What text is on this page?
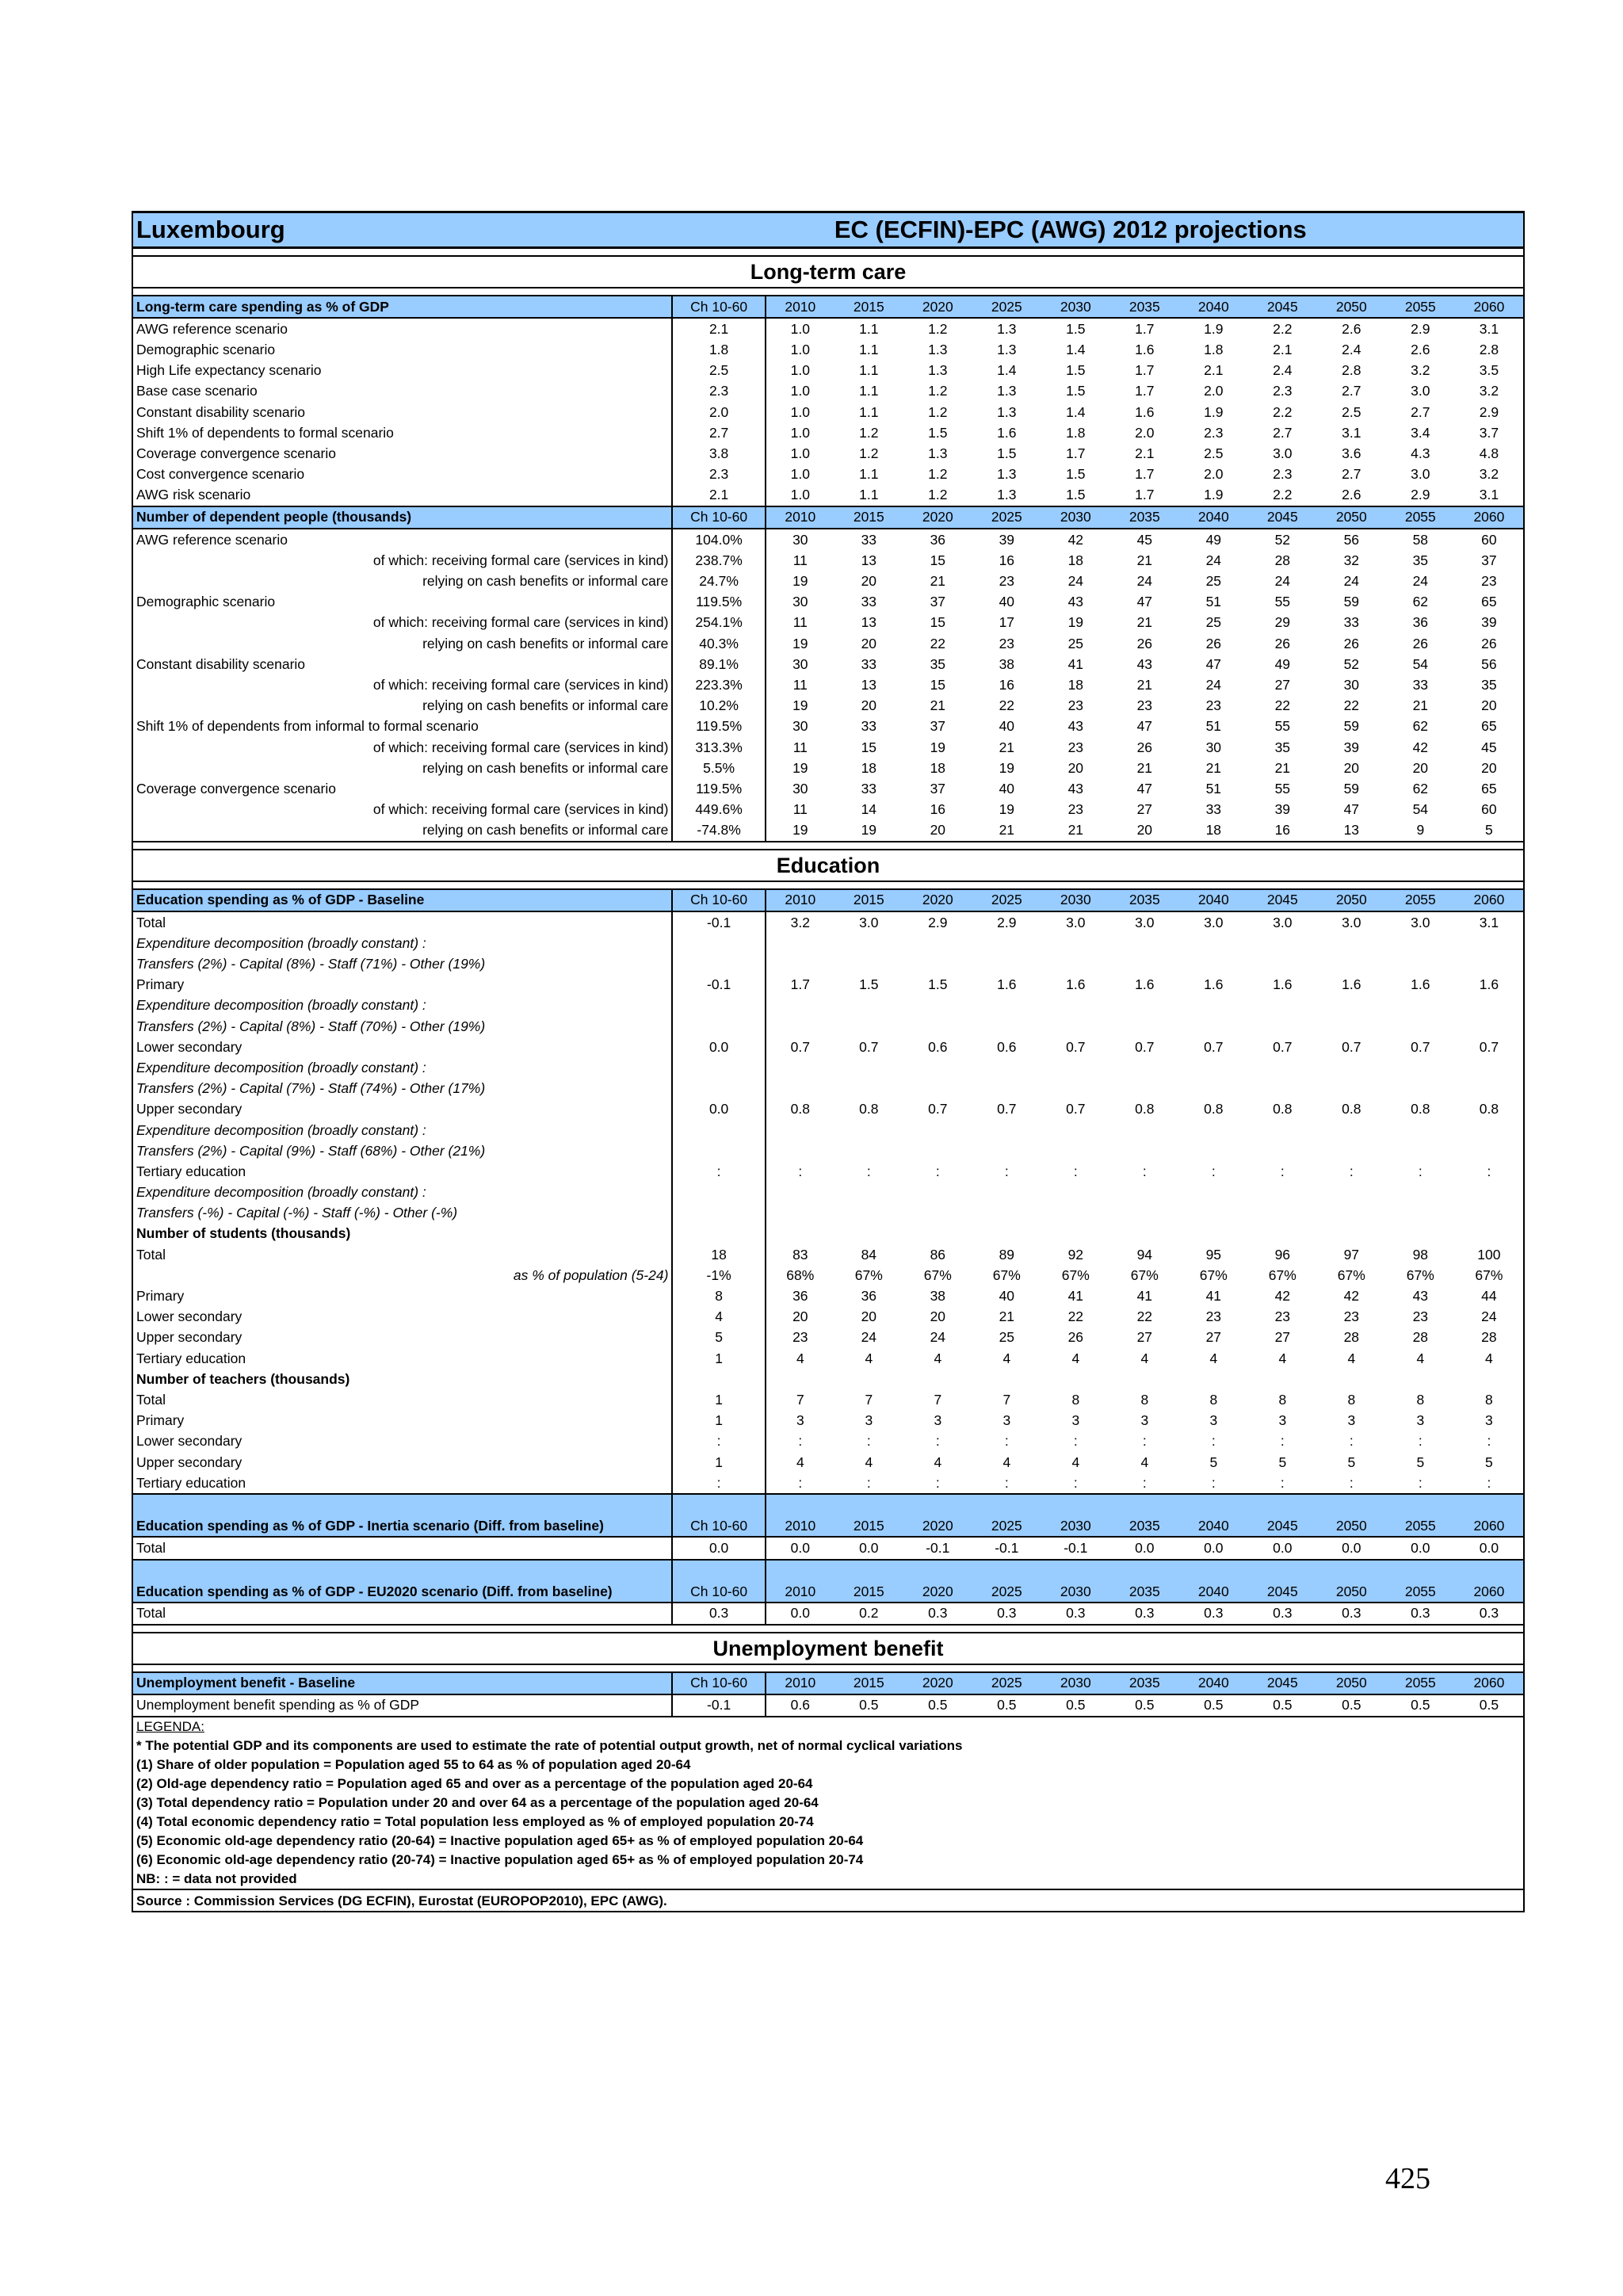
Luxembourg			EC (ECFIN)-EPC (AWG) 2012 projections									

Long-term care												

Long-term care spending as % of GDP	Ch 10-60	2010	2015	2020	2025	2030	2035	2040	2045	2050	2055	2060
AWG reference scenario	2.1	1.0	1.1	1.2	1.3	1.5	1.7	1.9	2.2	2.6	2.9	3.1
Demographic scenario	1.8	1.0	1.1	1.3	1.3	1.4	1.6	1.8	2.1	2.4	2.6	2.8
High Life expectancy scenario	2.5	1.0	1.1	1.3	1.4	1.5	1.7	2.1	2.4	2.8	3.2	3.5
Base case scenario	2.3	1.0	1.1	1.2	1.3	1.5	1.7	2.0	2.3	2.7	3.0	3.2
Constant disability scenario	2.0	1.0	1.1	1.2	1.3	1.4	1.6	1.9	2.2	2.5	2.7	2.9
Shift 1% of dependents to formal scenario	2.7	1.0	1.2	1.5	1.6	1.8	2.0	2.3	2.7	3.1	3.4	3.7
Coverage convergence scenario	3.8	1.0	1.2	1.3	1.5	1.7	2.1	2.5	3.0	3.6	4.3	4.8
Cost convergence scenario	2.3	1.0	1.1	1.2	1.3	1.5	1.7	2.0	2.3	2.7	3.0	3.2
AWG risk scenario	2.1	1.0	1.1	1.2	1.3	1.5	1.7	1.9	2.2	2.6	2.9	3.1
Number of dependent people (thousands)	Ch 10-60	2010	2015	2020	2025	2030	2035	2040	2045	2050	2055	2060
AWG reference scenario	104.0%	30	33	36	39	42	45	49	52	56	58	60
of which: receiving formal care (services in kind)	238.7%	11	13	15	16	18	21	24	28	32	35	37
relying on cash benefits or informal care	24.7%	19	20	21	23	24	24	25	24	24	24	23
Demographic scenario	119.5%	30	33	37	40	43	47	51	55	59	62	65
of which: receiving formal care (services in kind)	254.1%	11	13	15	17	19	21	25	29	33	36	39
relying on cash benefits or informal care	40.3%	19	20	22	23	25	26	26	26	26	26	26
Constant disability scenario	89.1%	30	33	35	38	41	43	47	49	52	54	56
of which: receiving formal care (services in kind)	223.3%	11	13	15	16	18	21	24	27	30	33	35
relying on cash benefits or informal care	10.2%	19	20	21	22	23	23	23	22	22	21	20
Shift 1% of dependents from informal to formal scenario	119.5%	30	33	37	40	43	47	51	55	59	62	65
of which: receiving formal care (services in kind)	313.3%	11	15	19	21	23	26	30	35	39	42	45
relying on cash benefits or informal care	5.5%	19	18	18	19	20	21	21	21	20	20	20
Coverage convergence scenario	119.5%	30	33	37	40	43	47	51	55	59	62	65
of which: receiving formal care (services in kind)	449.6%	11	14	16	19	23	27	33	39	47	54	60
relying on cash benefits or informal care	-74.8%	19	19	20	21	21	20	18	16	13	9	5

Education												

Education spending as % of GDP - Baseline	Ch 10-60	2010	2015	2020	2025	2030	2035	2040	2045	2050	2055	2060
Total	-0.1	3.2	3.0	2.9	2.9	3.0	3.0	3.0	3.0	3.0	3.0	3.1
Expenditure decomposition (broadly constant) :												
Transfers (2%) - Capital (8%) - Staff (71%) - Other (19%)												
Primary	-0.1	1.7	1.5	1.5	1.6	1.6	1.6	1.6	1.6	1.6	1.6	1.6
Expenditure decomposition (broadly constant) :												
Transfers (2%) - Capital (8%) - Staff (70%) - Other (19%)												
Lower secondary	0.0	0.7	0.7	0.6	0.6	0.7	0.7	0.7	0.7	0.7	0.7	0.7
Expenditure decomposition (broadly constant) :												
Transfers (2%) - Capital (7%) - Staff (74%) - Other (17%)												
Upper secondary	0.0	0.8	0.8	0.7	0.7	0.7	0.8	0.8	0.8	0.8	0.8	0.8
Expenditure decomposition (broadly constant) :												
Transfers (2%) - Capital (9%) - Staff (68%) - Other (21%)												
Tertiary education	:	:	:	:	:	:	:	:	:	:	:	:
Expenditure decomposition (broadly constant) :												
Transfers (-%) - Capital (-%) - Staff (-%) - Other (-%)												
Number of students (thousands)												
Total	18	83	84	86	89	92	94	95	96	97	98	100
as % of population (5-24)	-1%	68%	67%	67%	67%	67%	67%	67%	67%	67%	67%	67%
Primary	8	36	36	38	40	41	41	41	42	42	43	44
Lower secondary	4	20	20	20	21	22	22	23	23	23	23	24
Upper secondary	5	23	24	24	25	26	27	27	27	28	28	28
Tertiary education	1	4	4	4	4	4	4	4	4	4	4	4
Number of teachers (thousands)												
Total	1	7	7	7	7	8	8	8	8	8	8	8
Primary	1	3	3	3	3	3	3	3	3	3	3	3
Lower secondary	:	:	:	:	:	:	:	:	:	:	:	:
Upper secondary	1	4	4	4	4	4	4	5	5	5	5	5
Tertiary education	:	:	:	:	:	:	:	:	:	:	:	:
Education spending as % of GDP - Inertia scenario (Diff. from baseline)	Ch 10-60	2010	2015	2020	2025	2030	2035	2040	2045	2050	2055	2060
Total	0.0	0.0	0.0	-0.1	-0.1	-0.1	0.0	0.0	0.0	0.0	0.0	0.0
Education spending as % of GDP - EU2020 scenario (Diff. from baseline)	Ch 10-60	2010	2015	2020	2025	2030	2035	2040	2045	2050	2055	2060
Total	0.3	0.0	0.2	0.3	0.3	0.3	0.3	0.3	0.3	0.3	0.3	0.3

Unemployment benefit												

Unemployment benefit - Baseline	Ch 10-60	2010	2015	2020	2025	2030	2035	2040	2045	2050	2055	2060
Unemployment benefit spending as % of GDP	-0.1	0.6	0.5	0.5	0.5	0.5	0.5	0.5	0.5	0.5	0.5	0.5
LEGENDA:												
* The potential GDP and its components are used to estimate the rate of potential output growth, net of normal cyclical variations												
(1) Share of older population = Population aged 55 to 64 as % of population aged 20-64												
(2) Old-age dependency ratio = Population aged 65 and over as a percentage of the population aged 20-64												
(3) Total dependency ratio = Population under 20 and over 64 as a percentage of the population aged 20-64												
(4) Total economic dependency ratio = Total population less employed as % of employed population 20-74												
(5) Economic old-age dependency ratio (20-64) = Inactive population aged 65+ as % of employed population 20-64												
(6) Economic old-age dependency ratio (20-74) = Inactive population aged 65+ as % of employed population 20-74												
NB: : = data not provided												
Source : Commission Services (DG ECFIN), Eurostat (EUROPOP2010), EPC (AWG).												
425
